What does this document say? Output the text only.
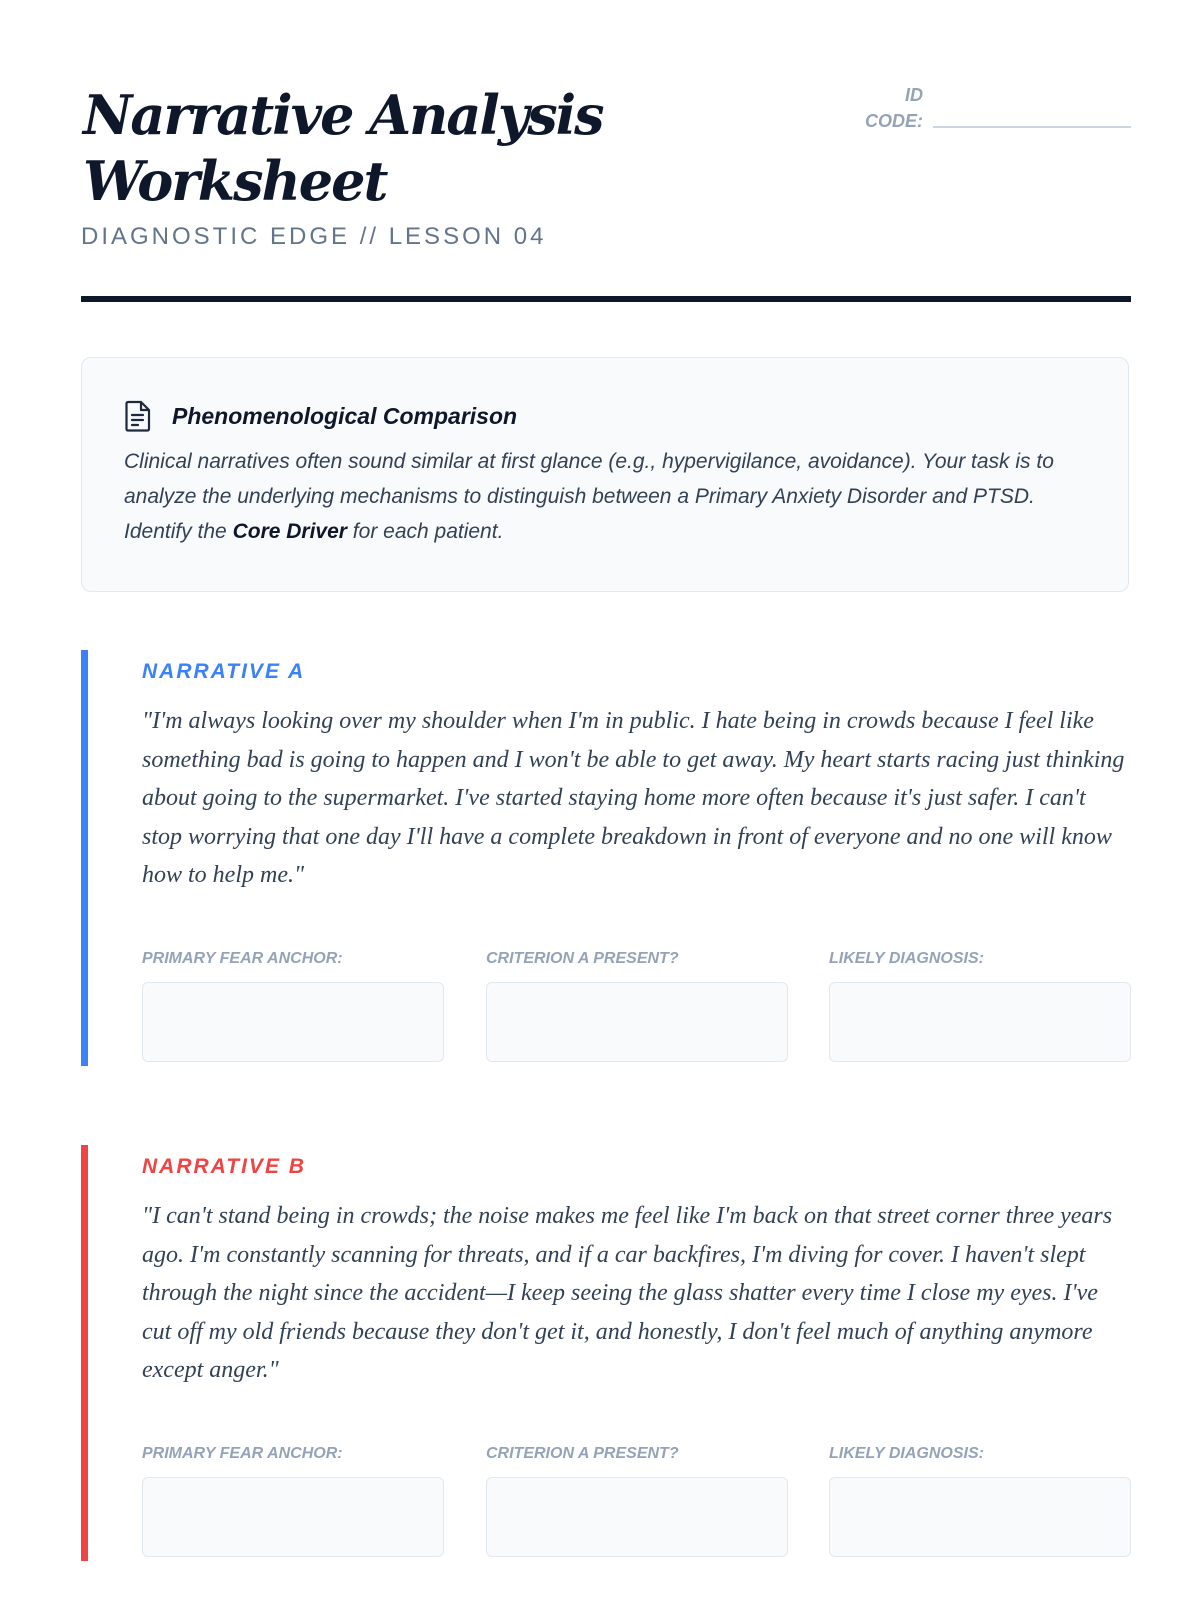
Narrative Analysis Worksheet
DIAGNOSTIC EDGE // LESSON 04
ID CODE:
Phenomenological Comparison

Clinical narratives often sound similar at first glance (e.g., hypervigilance, avoidance). Your task is to analyze the underlying mechanisms to distinguish between a Primary Anxiety Disorder and PTSD. Identify the Core Driver for each patient.

NARRATIVE A

"I'm always looking over my shoulder when I'm in public. I hate being in crowds because I feel like something bad is going to happen and I won't be able to get away. My heart starts racing just thinking about going to the supermarket. I've started staying home more often because it's just safer. I can't stop worrying that one day I'll have a complete breakdown in front of everyone and no one will know how to help me."

PRIMARY FEAR ANCHOR:	CRITERION A PRESENT?	LIKELY DIAGNOSIS:
NARRATIVE B

"I can't stand being in crowds; the noise makes me feel like I'm back on that street corner three years ago. I'm constantly scanning for threats, and if a car backfires, I'm diving for cover. I haven't slept through the night since the accident—I keep seeing the glass shatter every time I close my eyes. I've cut off my old friends because they don't get it, and honestly, I don't feel much of anything anymore except anger."

PRIMARY FEAR ANCHOR:	CRITERION A PRESENT?	LIKELY DIAGNOSIS:
